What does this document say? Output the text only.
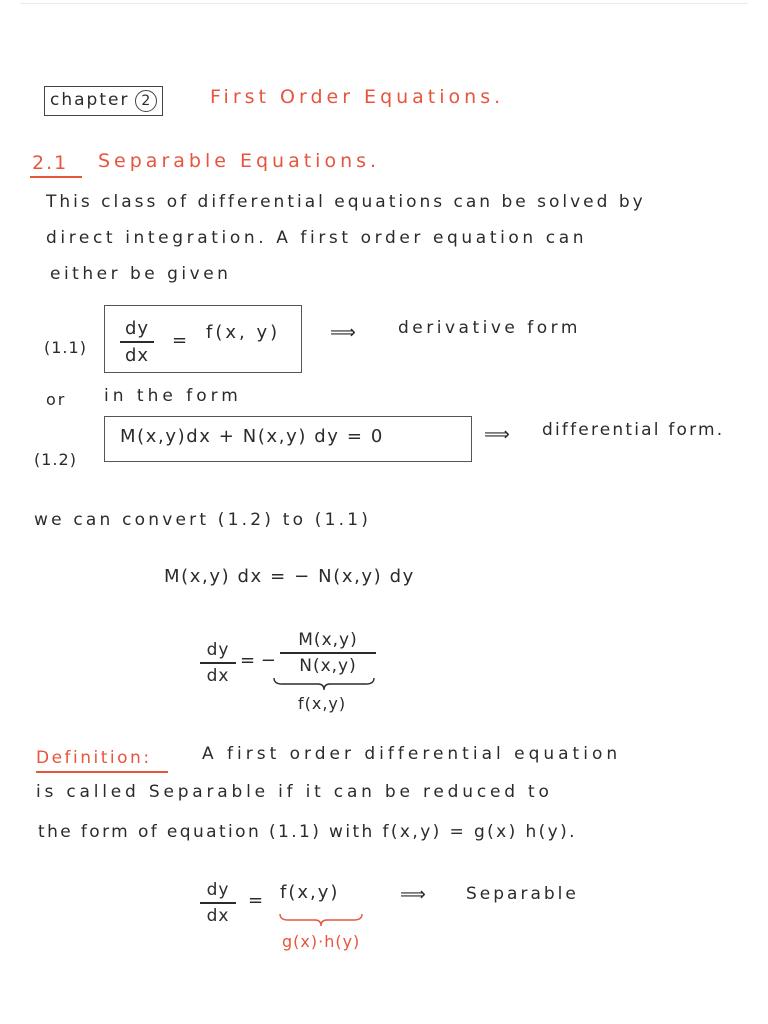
chapter 2	First Order Equations.
2.1 Separable Equations.
This class of differential equations can be solved by
direct integration. A first order equation can
either be given
(1.1)
dy
dx
= f(x, y)	⟹ derivative form
or in the form
(1.2)
M(x,y)dx + N(x,y) dy = 0	⟹ differential form.
we can convert (1.2) to (1.1)
M(x,y) dx = − N(x,y) dy
dy
dx
= −
M(x,y)
N(x,y)
f(x,y)
Definition:	A first order differential equation
is called Separable if it can be reduced to
the form of equation (1.1) with f(x,y) = g(x) h(y).
dy
dx
= f(x,y)	⟹ Separable
g(x)·h(y)
